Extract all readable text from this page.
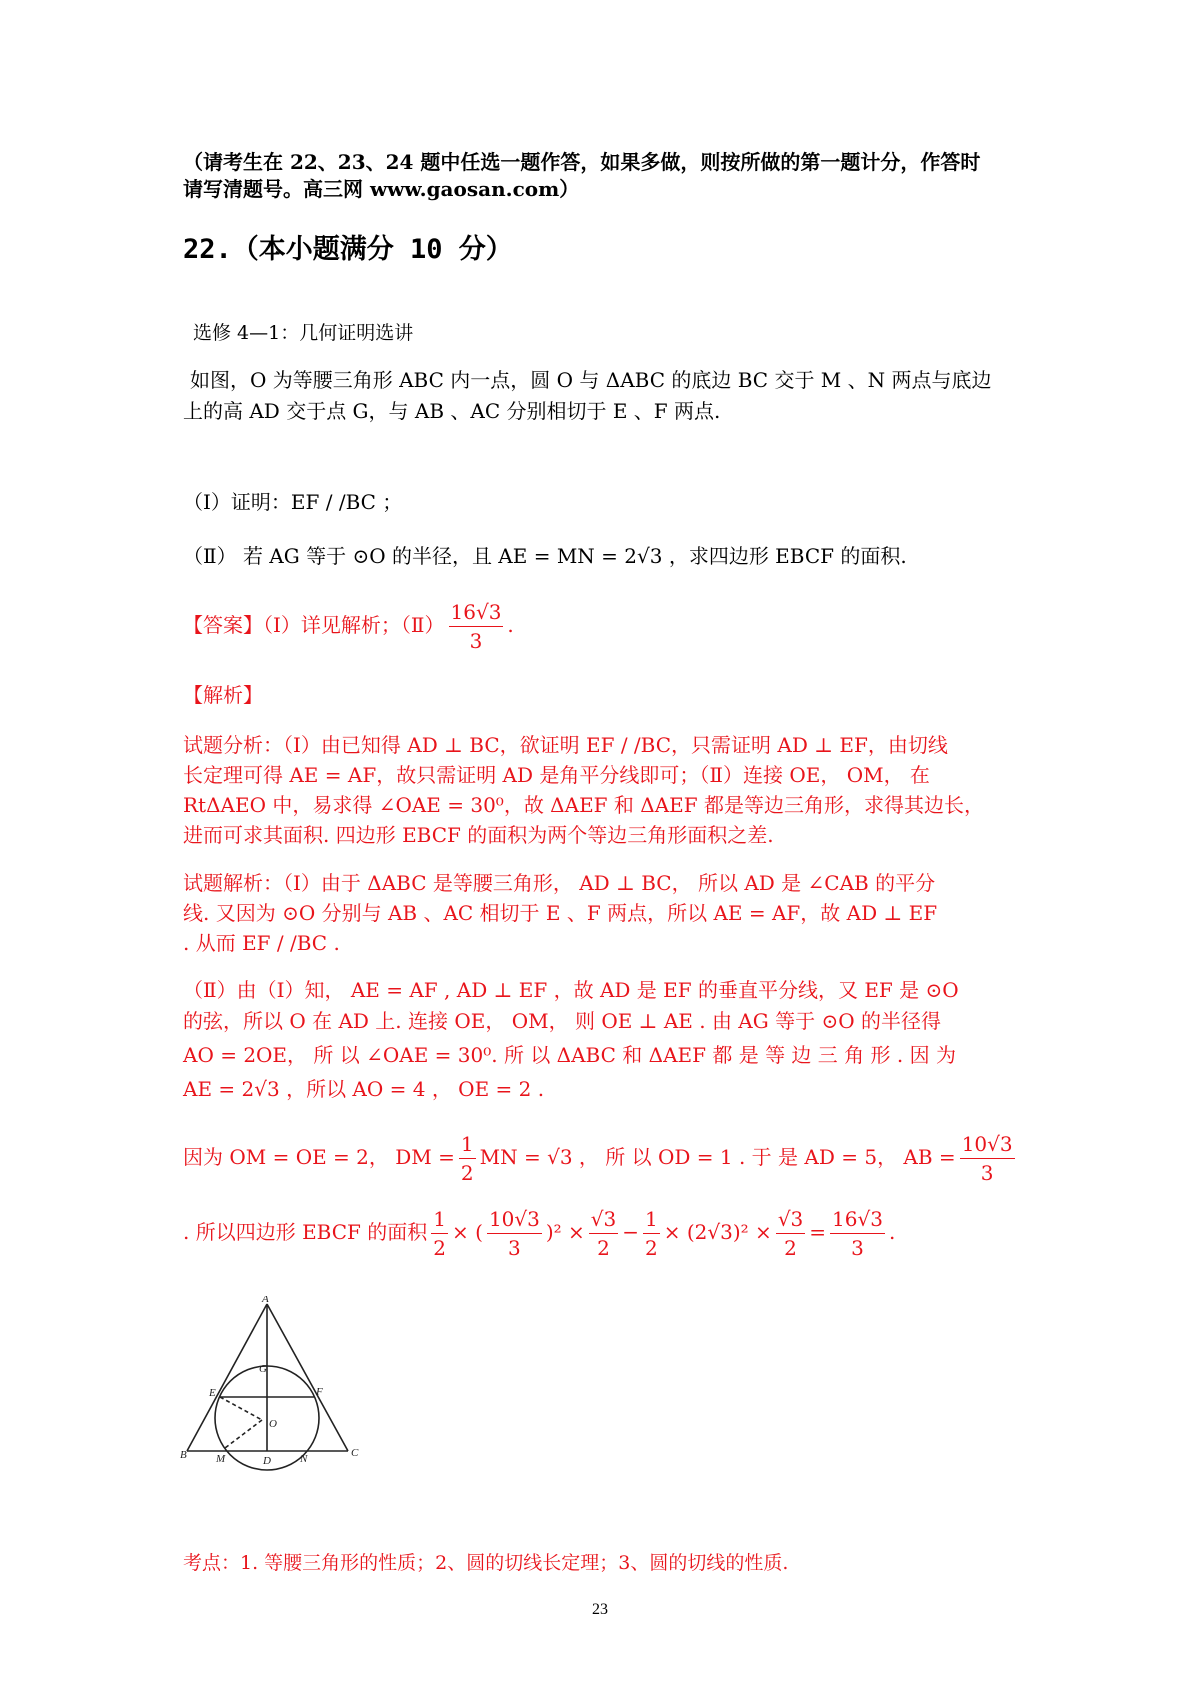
（请考生在 22、23、24 题中任选一题作答，如果多做，则按所做的第一题计分，作答时
请写清题号。高三网 www.gaosan.com）
22.（本小题满分 10 分）
选修 4—1：几何证明选讲
如图，O 为等腰三角形 ABC 内一点，圆 O 与 ΔABC 的底边 BC 交于 M 、N 两点与底边
上的高 AD 交于点 G，与 AB 、AC 分别相切于 E 、F 两点.
（Ⅰ）证明：EF / /BC ；
（Ⅱ） 若 AG 等于 ⊙O 的半径，且 AE = MN = 2√3 ，求四边形 EBCF 的面积.
【答案】（Ⅰ）详见解析；（Ⅱ） $\frac{16√3}{3}$ .
【解析】
试题分析：（Ⅰ）由已知得 AD ⊥ BC，欲证明 EF / /BC，只需证明 AD ⊥ EF，由切线
长定理可得 AE = AF，故只需证明 AD 是角平分线即可；（Ⅱ）连接 OE， OM， 在
RtΔAEO 中，易求得 ∠OAE = 30⁰，故 ΔAEF 和 ΔAEF 都是等边三角形，求得其边长，
进而可求其面积. 四边形 EBCF 的面积为两个等边三角形面积之差.
试题解析：（Ⅰ）由于 ΔABC 是等腰三角形， AD ⊥ BC， 所以 AD 是 ∠CAB 的平分
线. 又因为 ⊙O 分别与 AB 、AC 相切于 E 、F 两点，所以 AE = AF，故 AD ⊥ EF
. 从而 EF / /BC .
（Ⅱ）由（Ⅰ）知， AE = AF , AD ⊥ EF ，故 AD 是 EF 的垂直平分线，又 EF 是 ⊙O
的弦，所以 O 在 AD 上. 连接 OE， OM， 则 OE ⊥ AE . 由 AG 等于 ⊙O 的半径得
AO = 2OE， 所 以 ∠OAE = 30⁰. 所 以 ΔABC 和 ΔAEF 都 是 等 边 三 角 形 . 因 为
AE = 2√3 ，所以 AO = 4 ， OE = 2 .
因为 OM = OE = 2， DM = $\frac{1}{2}$ MN = √3 ， 所 以 OD = 1 . 于 是 AD = 5， AB = $\frac{10√3}{3}$
. 所以四边形 EBCF 的面积 $\frac{1}{2}$ × ( $\frac{10√3}{3} )^2 \times \frac{√3}{2} - \frac{1}{2} \times (2√3)^2 \times \frac{√3}{2} = \frac{16√3}{3}$ .
A
G
E	F
O
B	M	D	N	C
考点：1. 等腰三角形的性质；2、圆的切线长定理；3、圆的切线的性质.
23
